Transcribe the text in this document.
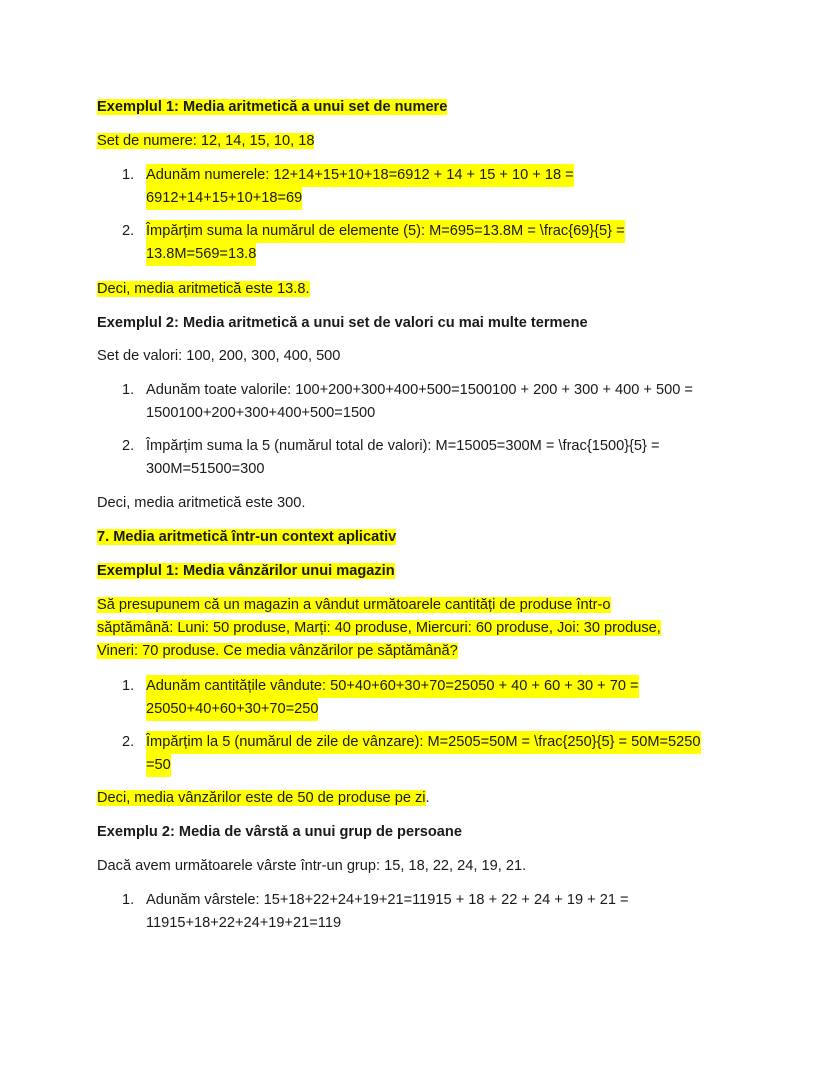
Exemplul 1: Media aritmetică a unui set de numere
Set de numere: 12, 14, 15, 10, 18
1. Adunăm numerele: 12+14+15+10+18=6912 + 14 + 15 + 10 + 18 =
6912+14+15+10+18=69
2. Împărțim suma la numărul de elemente (5): M=695=13.8M = \frac{69}{5} =
13.8M=569=13.8
Deci, media aritmetică este 13.8.
Exemplul 2: Media aritmetică a unui set de valori cu mai multe termene
Set de valori: 100, 200, 300, 400, 500
1. Adunăm toate valorile: 100+200+300+400+500=1500100 + 200 + 300 + 400 + 500 =
1500100+200+300+400+500=1500
2. Împărțim suma la 5 (numărul total de valori): M=15005=300M = \frac{1500}{5} =
300M=51500=300
Deci, media aritmetică este 300.
7. Media aritmetică într-un context aplicativ
Exemplul 1: Media vânzărilor unui magazin
Să presupunem că un magazin a vândut următoarele cantități de produse într-o
săptămână: Luni: 50 produse, Marți: 40 produse, Miercuri: 60 produse, Joi: 30 produse,
Vineri: 70 produse. Ce media vânzărilor pe săptămână?
1. Adunăm cantitățile vândute: 50+40+60+30+70=25050 + 40 + 60 + 30 + 70 =
25050+40+60+30+70=250
2. Împărțim la 5 (numărul de zile de vânzare): M=2505=50M = \frac{250}{5} = 50M=5250
=50
Deci, media vânzărilor este de 50 de produse pe zi.
Exemplu 2: Media de vârstă a unui grup de persoane
Dacă avem următoarele vârste într-un grup: 15, 18, 22, 24, 19, 21.
1. Adunăm vârstele: 15+18+22+24+19+21=11915 + 18 + 22 + 24 + 19 + 21 =
11915+18+22+24+19+21=119
